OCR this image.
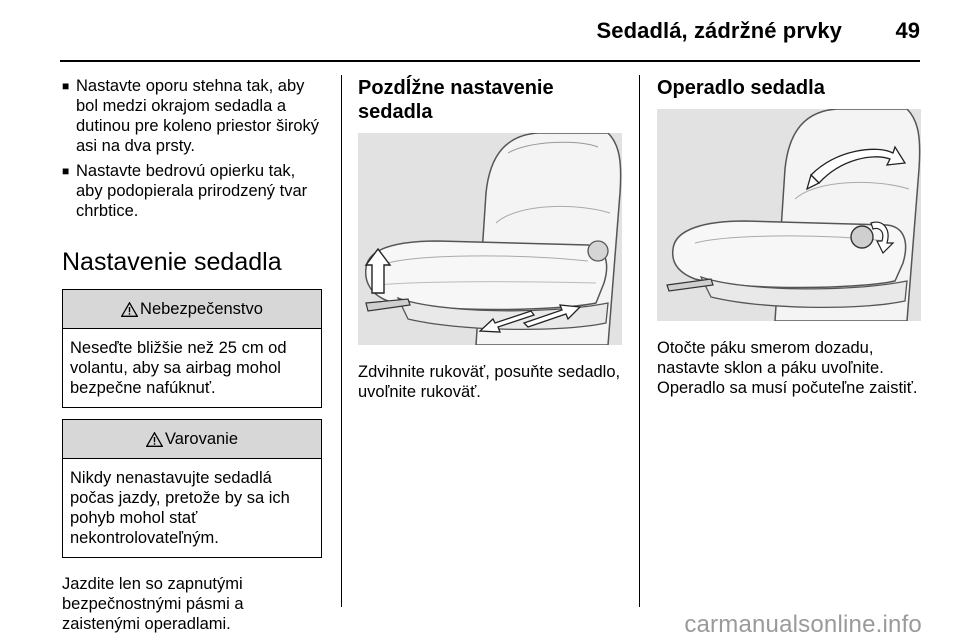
Sedadlá, zádržné prvky 49
■ Nastavte oporu stehna tak, aby bol medzi okrajom sedadla a dutinou pre koleno priestor široký asi na dva prsty.
■ Nastavte bedrovú opierku tak, aby podopierala prirodzený tvar chrbtice.
Nastavenie sedadla
Nebezpečenstvo
Neseďte bližšie než 25 cm od volantu, aby sa airbag mohol bezpečne nafúknuť.
Varovanie
Nikdy nenastavujte sedadlá počas jazdy, pretože by sa ich pohyb mohol stať nekontrolovateľným.

Jazdite len so zapnutými bezpečnostnými pásmi a zaistenými operadlami.

Pozdĺžne nastavenie sedadla
Zdvihnite rukoväť, posuňte sedadlo, uvoľnite rukoväť.
Operadlo sedadla
Otočte páku smerom dozadu, nastavte sklon a páku uvoľnite. Operadlo sa musí počuteľne zaistiť.
carmanualsonline.info
